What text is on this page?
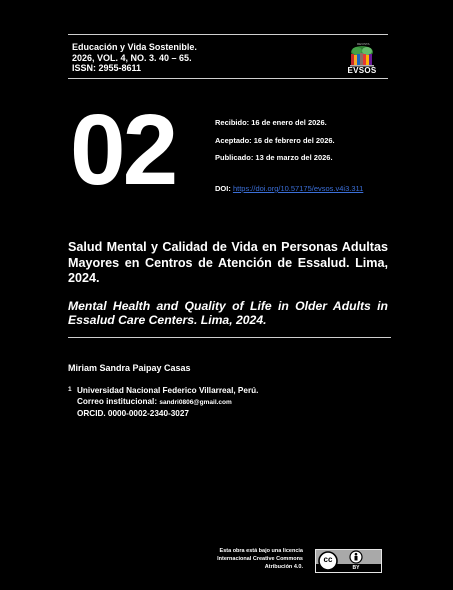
Educación y Vida Sostenible.
2026, VOL. 4, NO. 3. 40 – 65.
ISSN: 2955-8611
REVISTA
EVSOS
02	Recibido: 16 de enero del 2026.
Aceptado: 16 de febrero del 2026.
Publicado: 13 de marzo del 2026.
DOI: https://doi.org/10.57175/evsos.v4i3.311
Salud Mental y Calidad de Vida en Personas Adultas Mayores en Centros de Atención de Essalud. Lima, 2024.
Mental Health and Quality of Life in Older Adults in Essalud Care Centers. Lima, 2024.
Miriam Sandra Paipay Casas
1 Universidad Nacional Federico Villarreal, Perú.
Correo institucional: sandri0806@gmail.com
ORCID. 0000-0002-2340-3027
Esta obra está bajo una licencia
Internacional Creative Commons
Atribución 4.0.
cc
BY
